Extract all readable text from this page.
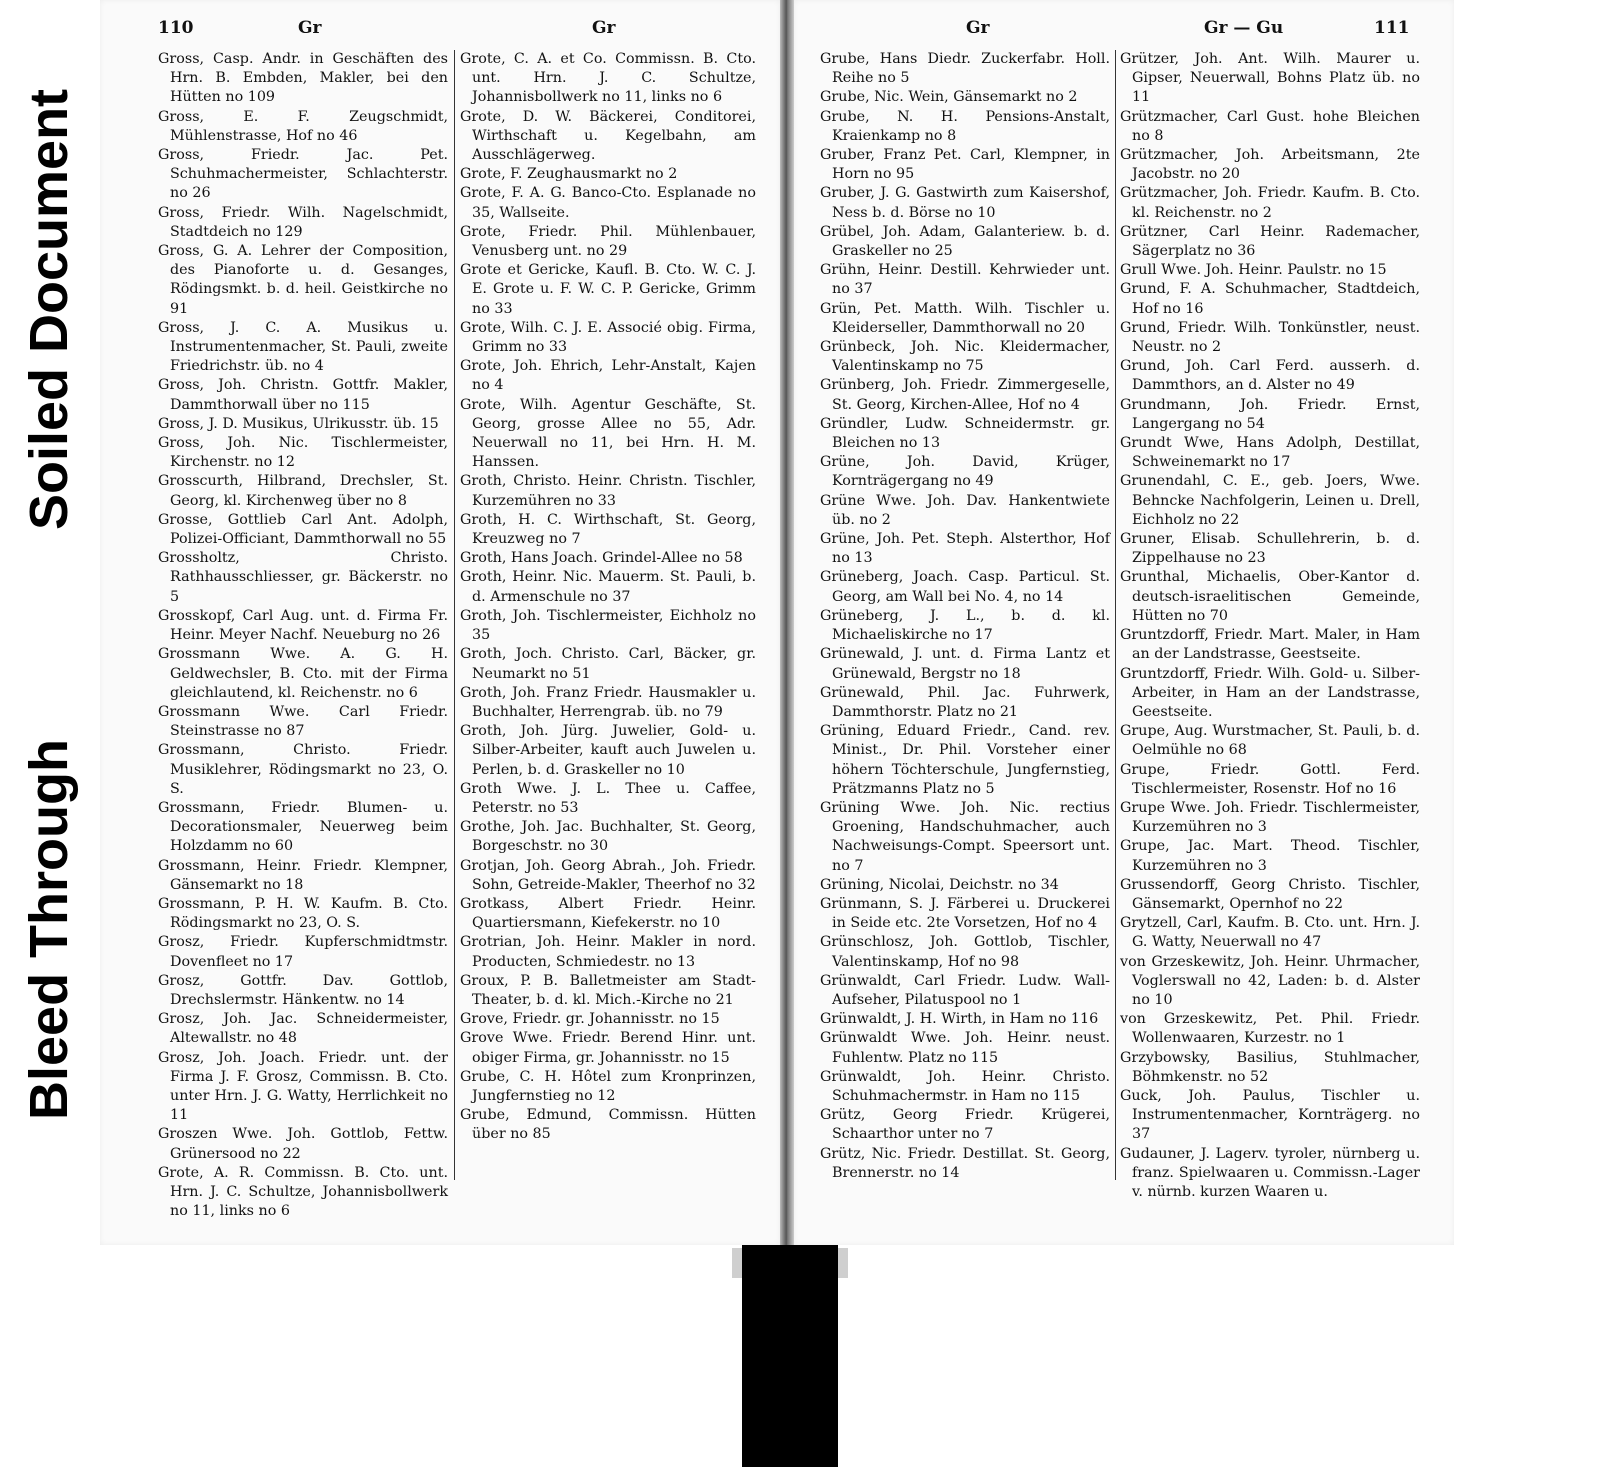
Soiled Document
Bleed Through
110	Gr	Gr

Gross, Casp. Andr. in Geschäften des Hrn. B. Embden, Makler, bei den Hütten no 109

Gross, E. F. Zeugschmidt, Mühlenstrasse, Hof no 46

Gross, Friedr. Jac. Pet. Schuhmachermeister, Schlachterstr. no 26

Gross, Friedr. Wilh. Nagelschmidt, Stadtdeich no 129

Gross, G. A. Lehrer der Composition, des Pianoforte u. d. Gesanges, Rödingsmkt. b. d. heil. Geistkirche no 91

Gross, J. C. A. Musikus u. Instrumentenmacher, St. Pauli, zweite Friedrichstr. üb. no 4

Gross, Joh. Christn. Gottfr. Makler, Dammthorwall über no 115

Gross, J. D. Musikus, Ulrikusstr. üb. 15

Gross, Joh. Nic. Tischlermeister, Kirchenstr. no 12

Grosscurth, Hilbrand, Drechsler, St. Georg, kl. Kirchenweg über no 8

Grosse, Gottlieb Carl Ant. Adolph, Polizei-Officiant, Dammthorwall no 55

Grossholtz, Christo. Rathhausschliesser, gr. Bäckerstr. no 5

Grosskopf, Carl Aug. unt. d. Firma Fr. Heinr. Meyer Nachf. Neueburg no 26

Grossmann Wwe. A. G. H. Geldwechsler, B. Cto. mit der Firma gleichlautend, kl. Reichenstr. no 6

Grossmann Wwe. Carl Friedr. Steinstrasse no 87

Grossmann, Christo. Friedr. Musiklehrer, Rödingsmarkt no 23, O. S.

Grossmann, Friedr. Blumen- u. Decorationsmaler, Neuerweg beim Holzdamm no 60

Grossmann, Heinr. Friedr. Klempner, Gänsemarkt no 18

Grossmann, P. H. W. Kaufm. B. Cto. Rödingsmarkt no 23, O. S.

Grosz, Friedr. Kupferschmidtmstr. Dovenfleet no 17

Grosz, Gottfr. Dav. Gottlob, Drechslermstr. Hänkentw. no 14

Grosz, Joh. Jac. Schneidermeister, Altewallstr. no 48

Grosz, Joh. Joach. Friedr. unt. der Firma J. F. Grosz, Commissn. B. Cto. unter Hrn. J. G. Watty, Herrlichkeit no 11

Groszen Wwe. Joh. Gottlob, Fettw. Grünersood no 22

Grote, A. R. Commissn. B. Cto. unt. Hrn. J. C. Schultze, Johannisbollwerk no 11, links no 6

Grote, C. A. et Co. Commissn. B. Cto. unt. Hrn. J. C. Schultze, Johannisbollwerk no 11, links no 6

Grote, D. W. Bäckerei, Conditorei, Wirthschaft u. Kegelbahn, am Ausschlägerweg.

Grote, F. Zeughausmarkt no 2

Grote, F. A. G. Banco-Cto. Esplanade no 35, Wallseite.

Grote, Friedr. Phil. Mühlenbauer, Venusberg unt. no 29

Grote et Gericke, Kaufl. B. Cto. W. C. J. E. Grote u. F. W. C. P. Gericke, Grimm no 33

Grote, Wilh. C. J. E. Associé obig. Firma, Grimm no 33

Grote, Joh. Ehrich, Lehr-Anstalt, Kajen no 4

Grote, Wilh. Agentur Geschäfte, St. Georg, grosse Allee no 55, Adr. Neuerwall no 11, bei Hrn. H. M. Hanssen.

Groth, Christo. Heinr. Christn. Tischler, Kurzemühren no 33

Groth, H. C. Wirthschaft, St. Georg, Kreuzweg no 7

Groth, Hans Joach. Grindel-Allee no 58

Groth, Heinr. Nic. Mauerm. St. Pauli, b. d. Armenschule no 37

Groth, Joh. Tischlermeister, Eichholz no 35

Groth, Joch. Christo. Carl, Bäcker, gr. Neumarkt no 51

Groth, Joh. Franz Friedr. Hausmakler u. Buchhalter, Herrengrab. üb. no 79

Groth, Joh. Jürg. Juwelier, Gold- u. Silber-Arbeiter, kauft auch Juwelen u. Perlen, b. d. Graskeller no 10

Groth Wwe. J. L. Thee u. Caffee, Peterstr. no 53

Grothe, Joh. Jac. Buchhalter, St. Georg, Borgeschstr. no 30

Grotjan, Joh. Georg Abrah., Joh. Friedr. Sohn, Getreide-Makler, Theerhof no 32

Grotkass, Albert Friedr. Heinr. Quartiersmann, Kiefekerstr. no 10

Grotrian, Joh. Heinr. Makler in nord. Producten, Schmiedestr. no 13

Groux, P. B. Balletmeister am Stadt-Theater, b. d. kl. Mich.-Kirche no 21

Grove, Friedr. gr. Johannisstr. no 15

Grove Wwe. Friedr. Berend Hinr. unt. obiger Firma, gr. Johannisstr. no 15

Grube, C. H. Hôtel zum Kronprinzen, Jungfernstieg no 12

Grube, Edmund, Commissn. Hütten über no 85

Gr	Gr — Gu	111

Grube, Hans Diedr. Zuckerfabr. Holl. Reihe no 5

Grube, Nic. Wein, Gänsemarkt no 2

Grube, N. H. Pensions-Anstalt, Kraienkamp no 8

Gruber, Franz Pet. Carl, Klempner, in Horn no 95

Gruber, J. G. Gastwirth zum Kaisershof, Ness b. d. Börse no 10

Grübel, Joh. Adam, Galanteriew. b. d. Graskeller no 25

Grühn, Heinr. Destill. Kehrwieder unt. no 37

Grün, Pet. Matth. Wilh. Tischler u. Kleiderseller, Dammthorwall no 20

Grünbeck, Joh. Nic. Kleidermacher, Valentinskamp no 75

Grünberg, Joh. Friedr. Zimmergeselle, St. Georg, Kirchen-Allee, Hof no 4

Gründler, Ludw. Schneidermstr. gr. Bleichen no 13

Grüne, Joh. David, Krüger, Kornträgergang no 49

Grüne Wwe. Joh. Dav. Hankentwiete üb. no 2

Grüne, Joh. Pet. Steph. Alsterthor, Hof no 13

Grüneberg, Joach. Casp. Particul. St. Georg, am Wall bei No. 4, no 14

Grüneberg, J. L., b. d. kl. Michaeliskirche no 17

Grünewald, J. unt. d. Firma Lantz et Grünewald, Bergstr no 18

Grünewald, Phil. Jac. Fuhrwerk, Dammthorstr. Platz no 21

Grüning, Eduard Friedr., Cand. rev. Minist., Dr. Phil. Vorsteher einer höhern Töchterschule, Jungfernstieg, Prätzmanns Platz no 5

Grüning Wwe. Joh. Nic. rectius Groening, Handschuhmacher, auch Nachweisungs-Compt. Speersort unt. no 7

Grüning, Nicolai, Deichstr. no 34

Grünmann, S. J. Färberei u. Druckerei in Seide etc. 2te Vorsetzen, Hof no 4

Grünschlosz, Joh. Gottlob, Tischler, Valentinskamp, Hof no 98

Grünwaldt, Carl Friedr. Ludw. Wall-Aufseher, Pilatuspool no 1

Grünwaldt, J. H. Wirth, in Ham no 116

Grünwaldt Wwe. Joh. Heinr. neust. Fuhlentw. Platz no 115

Grünwaldt, Joh. Heinr. Christo. Schuhmachermstr. in Ham no 115

Grütz, Georg Friedr. Krügerei, Schaarthor unter no 7

Grütz, Nic. Friedr. Destillat. St. Georg, Brennerstr. no 14

Grützer, Joh. Ant. Wilh. Maurer u. Gipser, Neuerwall, Bohns Platz üb. no 11

Grützmacher, Carl Gust. hohe Bleichen no 8

Grützmacher, Joh. Arbeitsmann, 2te Jacobstr. no 20

Grützmacher, Joh. Friedr. Kaufm. B. Cto. kl. Reichenstr. no 2

Grützner, Carl Heinr. Rademacher, Sägerplatz no 36

Grull Wwe. Joh. Heinr. Paulstr. no 15

Grund, F. A. Schuhmacher, Stadtdeich, Hof no 16

Grund, Friedr. Wilh. Tonkünstler, neust. Neustr. no 2

Grund, Joh. Carl Ferd. ausserh. d. Dammthors, an d. Alster no 49

Grundmann, Joh. Friedr. Ernst, Langergang no 54

Grundt Wwe, Hans Adolph, Destillat, Schweinemarkt no 17

Grunendahl, C. E., geb. Joers, Wwe. Behncke Nachfolgerin, Leinen u. Drell, Eichholz no 22

Gruner, Elisab. Schullehrerin, b. d. Zippelhause no 23

Grunthal, Michaelis, Ober-Kantor d. deutsch-israelitischen Gemeinde, Hütten no 70

Gruntzdorff, Friedr. Mart. Maler, in Ham an der Landstrasse, Geestseite.

Gruntzdorff, Friedr. Wilh. Gold- u. Silber-Arbeiter, in Ham an der Landstrasse, Geestseite.

Grupe, Aug. Wurstmacher, St. Pauli, b. d. Oelmühle no 68

Grupe, Friedr. Gottl. Ferd. Tischlermeister, Rosenstr. Hof no 16

Grupe Wwe. Joh. Friedr. Tischlermeister, Kurzemühren no 3

Grupe, Jac. Mart. Theod. Tischler, Kurzemühren no 3

Grussendorff, Georg Christo. Tischler, Gänsemarkt, Opernhof no 22

Grytzell, Carl, Kaufm. B. Cto. unt. Hrn. J. G. Watty, Neuerwall no 47

von Grzeskewitz, Joh. Heinr. Uhrmacher, Voglerswall no 42, Laden: b. d. Alster no 10

von Grzeskewitz, Pet. Phil. Friedr. Wollenwaaren, Kurzestr. no 1

Grzybowsky, Basilius, Stuhlmacher, Böhmkenstr. no 52

Guck, Joh. Paulus, Tischler u. Instrumentenmacher, Kornträgerg. no 37

Gudauner, J. Lagerv. tyroler, nürnberg u. franz. Spielwaaren u. Commissn.-Lager v. nürnb. kurzen Waaren u.
